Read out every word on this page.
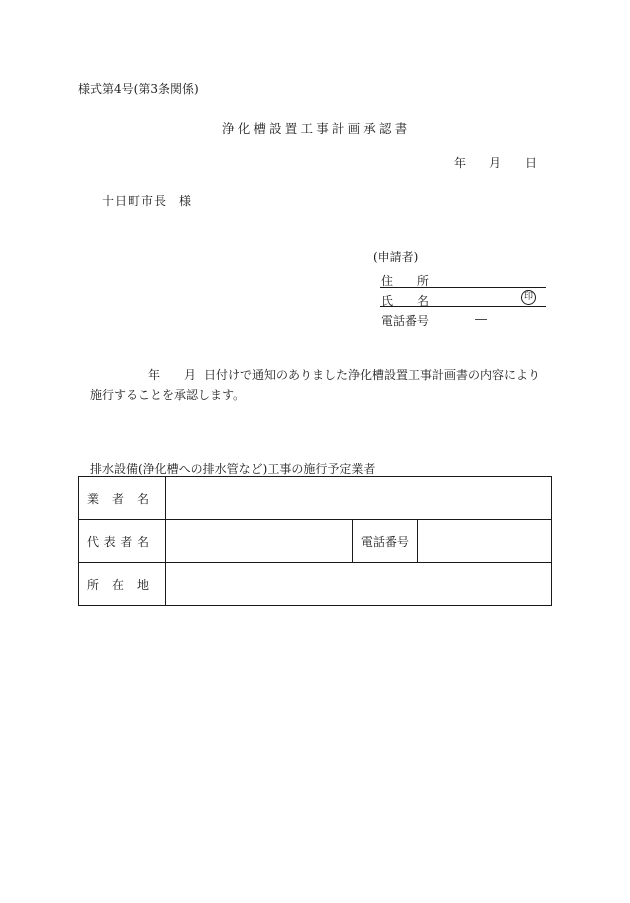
様式第4号(第3条関係)
浄化槽設置工事計画承認書
年 月 日
十日町市長 様
(申請者)
住 所
氏 名	印
電話番号	―
年 月 日付けで通知のありました浄化槽設置工事計画書の内容により
施行することを承認します。
排水設備(浄化槽への排水管など)工事の施行予定業者
業 者 名			
代 表 者 名		電話番号	
所 在 地			
